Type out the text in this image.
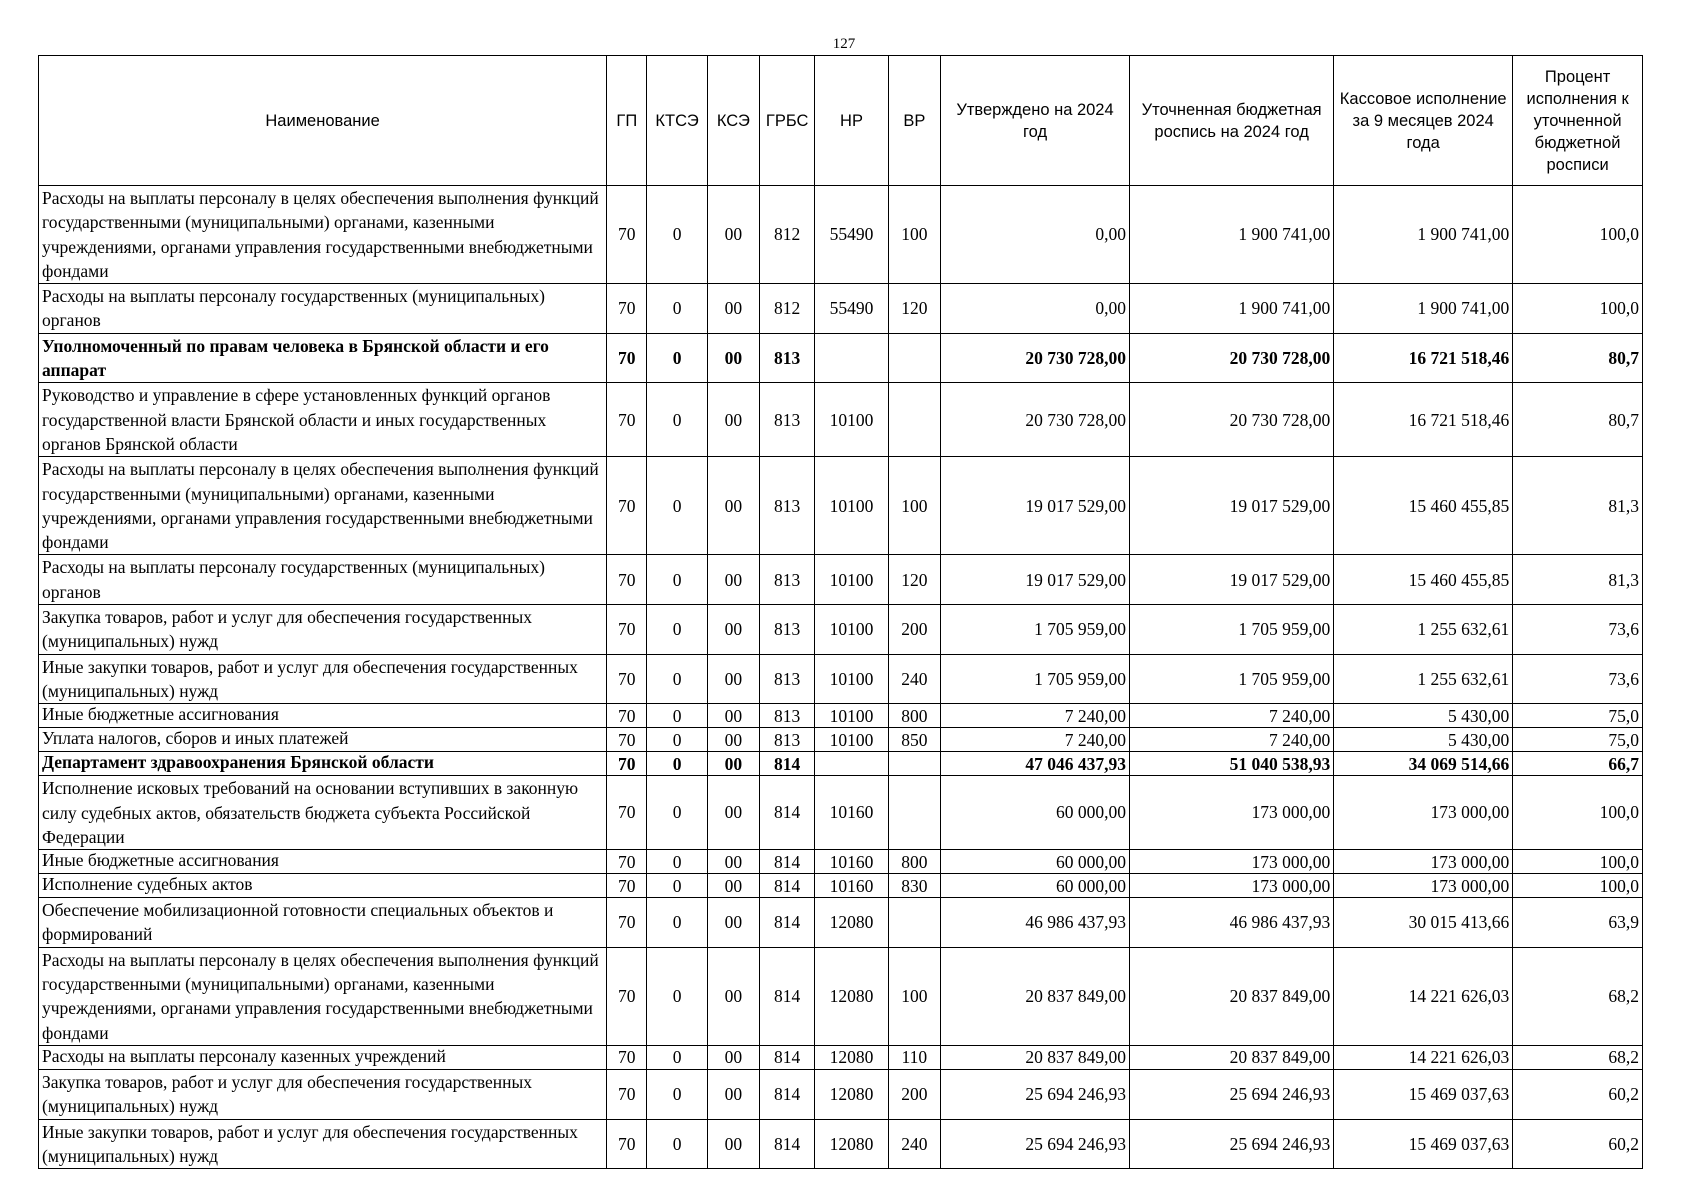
127
Наименование	ГП	КТСЭ	КСЭ	ГРБС	НР	ВР	Утверждено на 2024 год	Уточненная бюджетная роспись на 2024 год	Кассовое исполнение за 9 месяцев 2024 года	Процент исполнения к уточненной бюджетной росписи
Расходы на выплаты персоналу в целях обеспечения выполнения функций государственными (муниципальными) органами, казенными учреждениями, органами управления государственными внебюджетными фондами	70	0	00	812	55490	100	0,00	1 900 741,00	1 900 741,00	100,0
Расходы на выплаты персоналу государственных (муниципальных) органов	70	0	00	812	55490	120	0,00	1 900 741,00	1 900 741,00	100,0
Уполномоченный по правам человека в Брянской области и его аппарат	70	0	00	813			20 730 728,00	20 730 728,00	16 721 518,46	80,7
Руководство и управление в сфере установленных функций органов государственной власти Брянской области и иных государственных органов Брянской области	70	0	00	813	10100		20 730 728,00	20 730 728,00	16 721 518,46	80,7
Расходы на выплаты персоналу в целях обеспечения выполнения функций государственными (муниципальными) органами, казенными учреждениями, органами управления государственными внебюджетными фондами	70	0	00	813	10100	100	19 017 529,00	19 017 529,00	15 460 455,85	81,3
Расходы на выплаты персоналу государственных (муниципальных) органов	70	0	00	813	10100	120	19 017 529,00	19 017 529,00	15 460 455,85	81,3
Закупка товаров, работ и услуг для обеспечения государственных (муниципальных) нужд	70	0	00	813	10100	200	1 705 959,00	1 705 959,00	1 255 632,61	73,6
Иные закупки товаров, работ и услуг для обеспечения государственных (муниципальных) нужд	70	0	00	813	10100	240	1 705 959,00	1 705 959,00	1 255 632,61	73,6
Иные бюджетные ассигнования	70	0	00	813	10100	800	7 240,00	7 240,00	5 430,00	75,0
Уплата налогов, сборов и иных платежей	70	0	00	813	10100	850	7 240,00	7 240,00	5 430,00	75,0
Департамент здравоохранения Брянской области	70	0	00	814			47 046 437,93	51 040 538,93	34 069 514,66	66,7
Исполнение исковых требований на основании вступивших в законную силу судебных актов, обязательств бюджета субъекта Российской Федерации	70	0	00	814	10160		60 000,00	173 000,00	173 000,00	100,0
Иные бюджетные ассигнования	70	0	00	814	10160	800	60 000,00	173 000,00	173 000,00	100,0
Исполнение судебных актов	70	0	00	814	10160	830	60 000,00	173 000,00	173 000,00	100,0
Обеспечение мобилизационной готовности специальных объектов и формирований	70	0	00	814	12080		46 986 437,93	46 986 437,93	30 015 413,66	63,9
Расходы на выплаты персоналу в целях обеспечения выполнения функций государственными (муниципальными) органами, казенными учреждениями, органами управления государственными внебюджетными фондами	70	0	00	814	12080	100	20 837 849,00	20 837 849,00	14 221 626,03	68,2
Расходы на выплаты персоналу казенных учреждений	70	0	00	814	12080	110	20 837 849,00	20 837 849,00	14 221 626,03	68,2
Закупка товаров, работ и услуг для обеспечения государственных (муниципальных) нужд	70	0	00	814	12080	200	25 694 246,93	25 694 246,93	15 469 037,63	60,2
Иные закупки товаров, работ и услуг для обеспечения государственных (муниципальных) нужд	70	0	00	814	12080	240	25 694 246,93	25 694 246,93	15 469 037,63	60,2
